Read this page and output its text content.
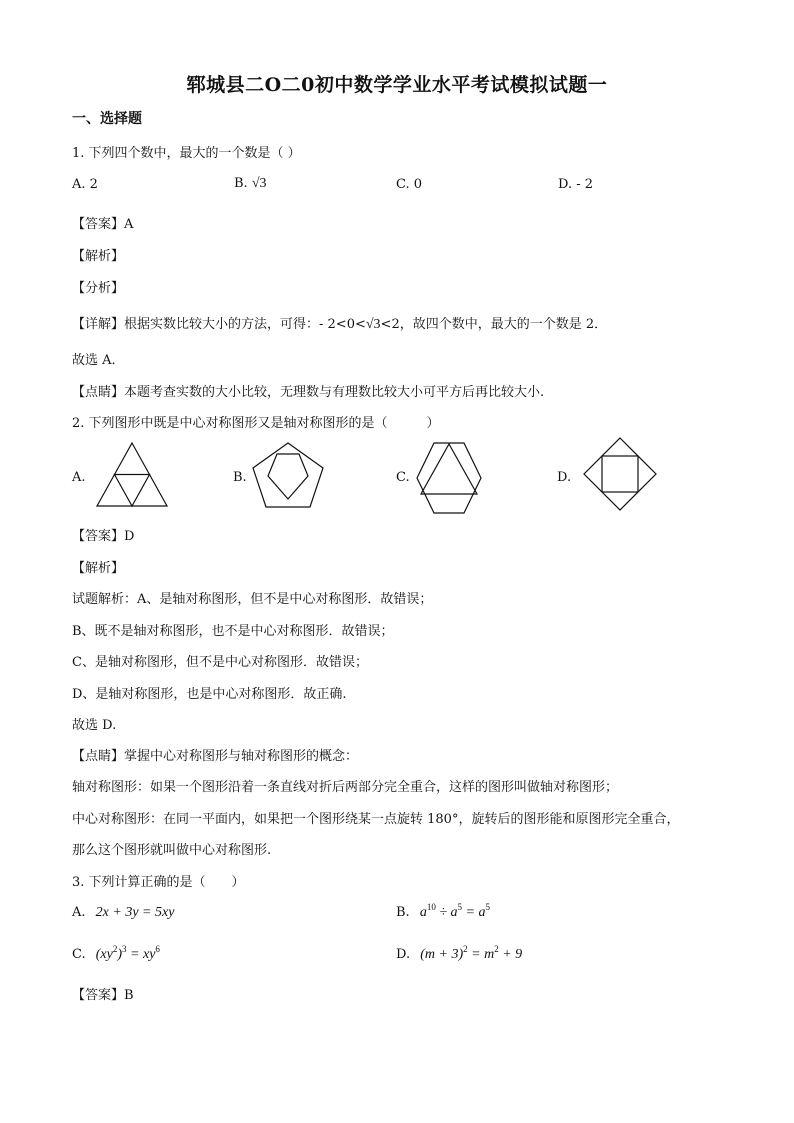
郓城县二O二0初中数学学业水平考试模拟试题一
一、选择题
1. 下列四个数中，最大的一个数是（ ）
A. 2	B. √3	C. 0	D. - 2
【答案】A
【解析】
【分析】
【详解】根据实数比较大小的方法，可得：- 2<0<√3<2，故四个数中，最大的一个数是 2．
故选 A．
【点睛】本题考查实数的大小比较，无理数与有理数比较大小可平方后再比较大小.
2. 下列图形中既是中心对称图形又是轴对称图形的是（　　　）
A.	B.	C.	D.
【答案】D
【解析】
试题解析：A、是轴对称图形，但不是中心对称图形．故错误；
B、既不是轴对称图形，也不是中心对称图形．故错误；
C、是轴对称图形，但不是中心对称图形．故错误；
D、是轴对称图形，也是中心对称图形．故正确.
故选 D.
【点睛】掌握中心对称图形与轴对称图形的概念：
轴对称图形：如果一个图形沿着一条直线对折后两部分完全重合，这样的图形叫做轴对称图形；
中心对称图形：在同一平面内，如果把一个图形绕某一点旋转 180°，旋转后的图形能和原图形完全重合，
那么这个图形就叫做中心对称图形.
3. 下列计算正确的是（　　）
A. 2x + 3y = 5xy	B. $a^{10} \div a^5 = a^5$
C. $(xy^2)^3 = xy^6$	D. $(m + 3)^2 = m^2 + 9$
【答案】B
